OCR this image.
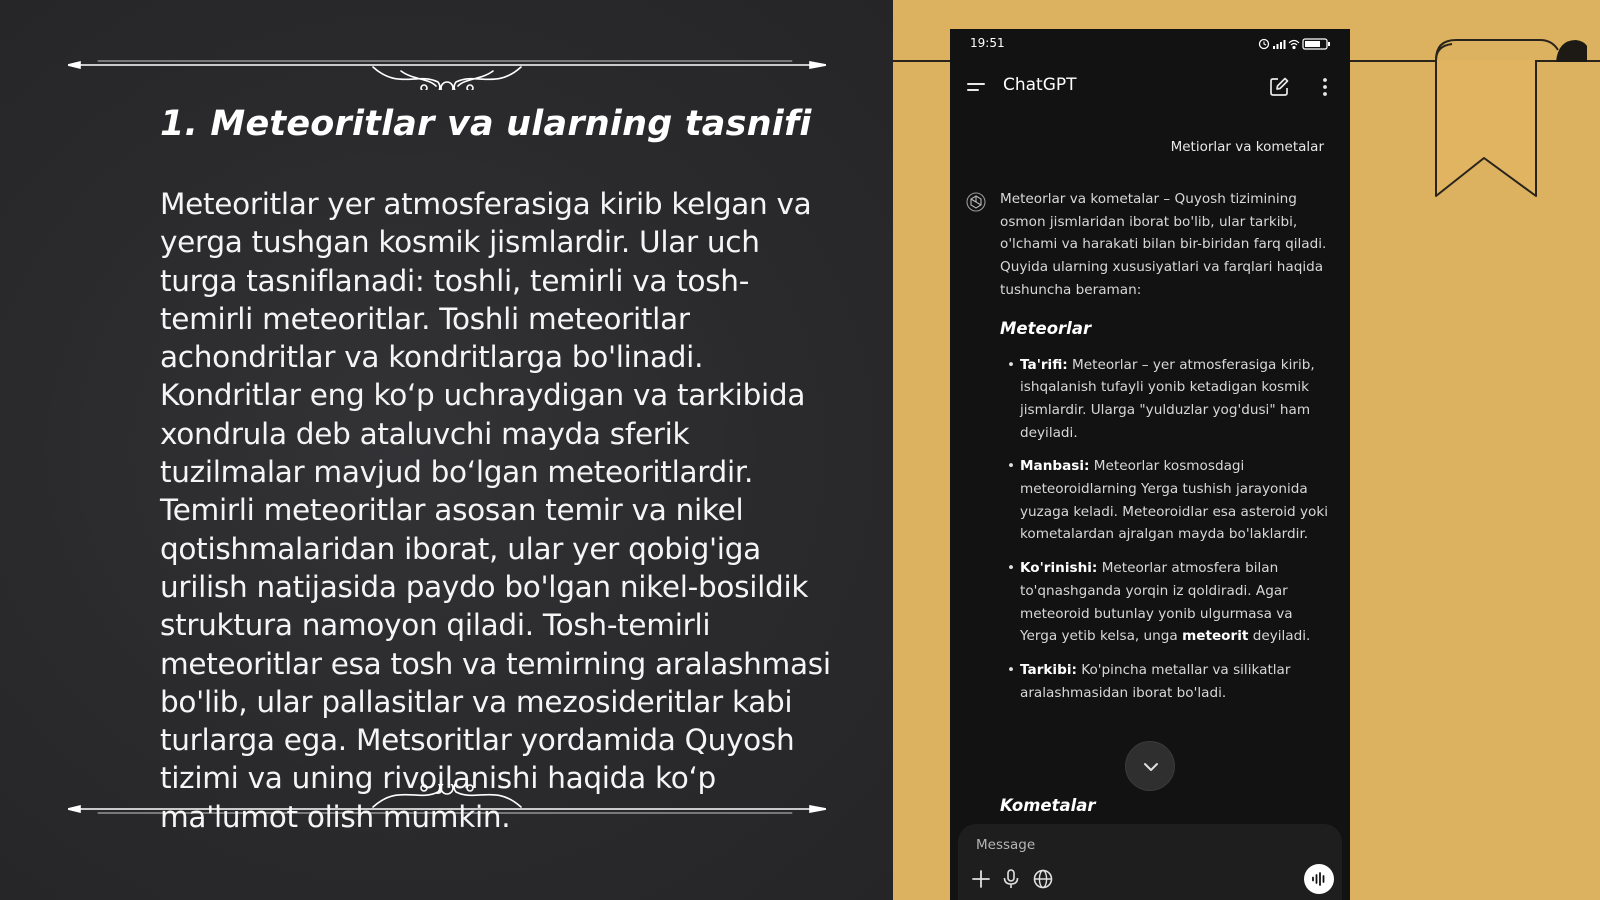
1. Meteoritlar va ularning tasnifi
Meteoritlar yer atmosferasiga kirib kelgan va yerga tushgan kosmik jismlardir. Ular uch turga tasniflanadi: toshli, temirli va tosh-temirli meteoritlar. Toshli meteoritlar achondritlar va kondritlarga bo'linadi. Kondritlar eng ko‘p uchraydigan va tarkibida xondrula deb ataluvchi mayda sferik tuzilmalar mavjud bo‘lgan meteoritlardir. Temirli meteoritlar asosan temir va nikel qotishmalaridan iborat, ular yer qobig'iga urilish natijasida paydo bo'lgan nikel-bosildik struktura namoyon qiladi. Tosh-temirli meteoritlar esa tosh va temirning aralashmasi bo'lib, ular pallasitlar va mezosideritlar kabi turlarga ega. Metsoritlar yordamida Quyosh tizimi va uning rivojlanishi haqida ko‘p ma'lumot olish mumkin.
19:51
ChatGPT
Metiorlar va kometalar

Meteorlar va kometalar – Quyosh tizimining osmon jismlaridan iborat bo'lib, ular tarkibi, o'lchami va harakati bilan bir-biridan farq qiladi. Quyida ularning xususiyatlari va farqlari haqida tushuncha beraman:

Meteorlar
• Ta'rifi: Meteorlar – yer atmosferasiga kirib, ishqalanish tufayli yonib ketadigan kosmik jismlardir. Ularga "yulduzlar yog'dusi" ham deyiladi.
• Manbasi: Meteorlar kosmosdagi meteoroidlarning Yerga tushish jarayonida yuzaga keladi. Meteoroidlar esa asteroid yoki kometalardan ajralgan mayda bo'laklardir.
• Ko'rinishi: Meteorlar atmosfera bilan to'qnashganda yorqin iz qoldiradi. Agar meteoroid butunlay yonib ulgurmasa va Yerga yetib kelsa, unga meteorit deyiladi.
• Tarkibi: Ko'pincha metallar va silikatlar aralashmasidan iborat bo'ladi.
Kometalar
Message
